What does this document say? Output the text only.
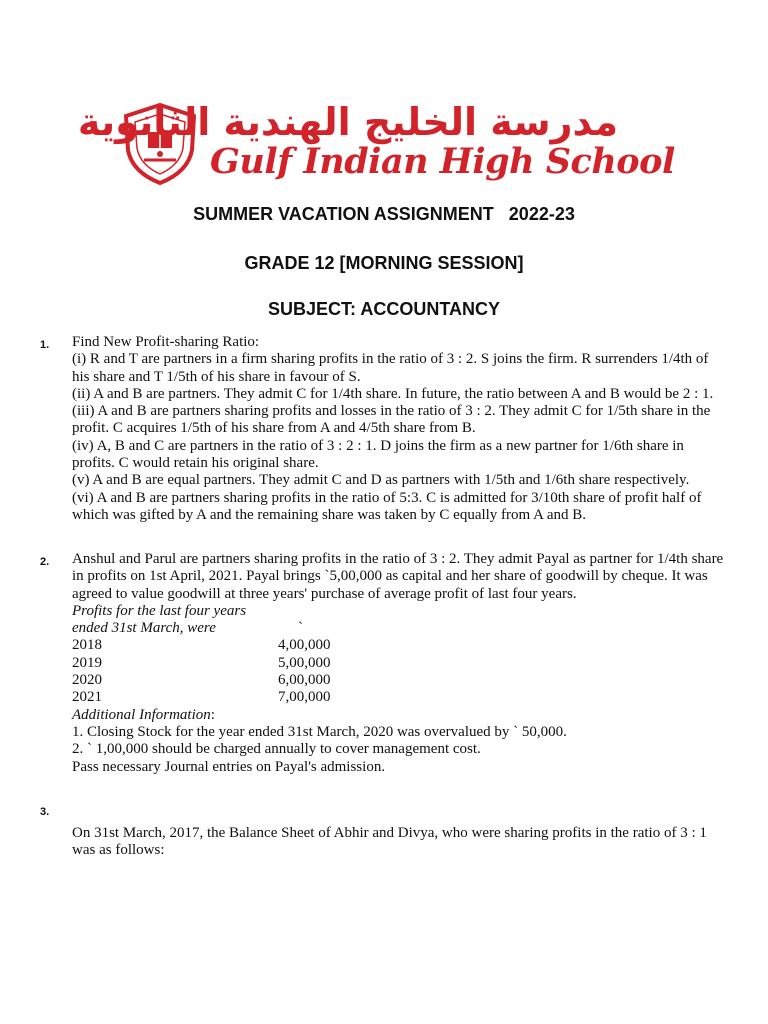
مدرسة الخليج الهندية الثانوية
Gulf Indian High School
SUMMER VACATION ASSIGNMENT   2022-23
GRADE 12 [MORNING SESSION]
SUBJECT: ACCOUNTANCY
1. Find New Profit-sharing Ratio:
(i) R and T are partners in a firm sharing profits in the ratio of 3 : 2. S joins the firm. R surrenders 1/4th of
his share and T 1/5th of his share in favour of S.
(ii) A and B are partners. They admit C for 1/4th share. In future, the ratio between A and B would be 2 : 1.
(iii) A and B are partners sharing profits and losses in the ratio of 3 : 2. They admit C for 1/5th share in the
profit. C acquires 1/5th of his share from A and 4/5th share from B.
(iv) A, B and C are partners in the ratio of 3 : 2 : 1. D joins the firm as a new partner for 1/6th share in
profits. C would retain his original share.
(v) A and B are equal partners. They admit C and D as partners with 1/5th and 1/6th share respectively.
(vi) A and B are partners sharing profits in the ratio of 5:3. C is admitted for 3/10th share of profit half of
which was gifted by A and the remaining share was taken by C equally from A and B.
2. Anshul and Parul are partners sharing profits in the ratio of 3 : 2. They admit Payal as partner for 1/4th share
in profits on 1st April, 2021. Payal brings `5,00,000 as capital and her share of goodwill by cheque. It was
agreed to value goodwill at three years' purchase of average profit of last four years.
Profits for the last four years
ended 31st March, were	`
2018	4,00,000
2019	5,00,000
2020	6,00,000
2021	7,00,000
Additional Information:
1. Closing Stock for the year ended 31st March, 2020 was overvalued by ` 50,000.
2. ` 1,00,000 should be charged annually to cover management cost.
Pass necessary Journal entries on Payal's admission.
3.
On 31st March, 2017, the Balance Sheet of Abhir and Divya, who were sharing profits in the ratio of 3 : 1
was as follows:
